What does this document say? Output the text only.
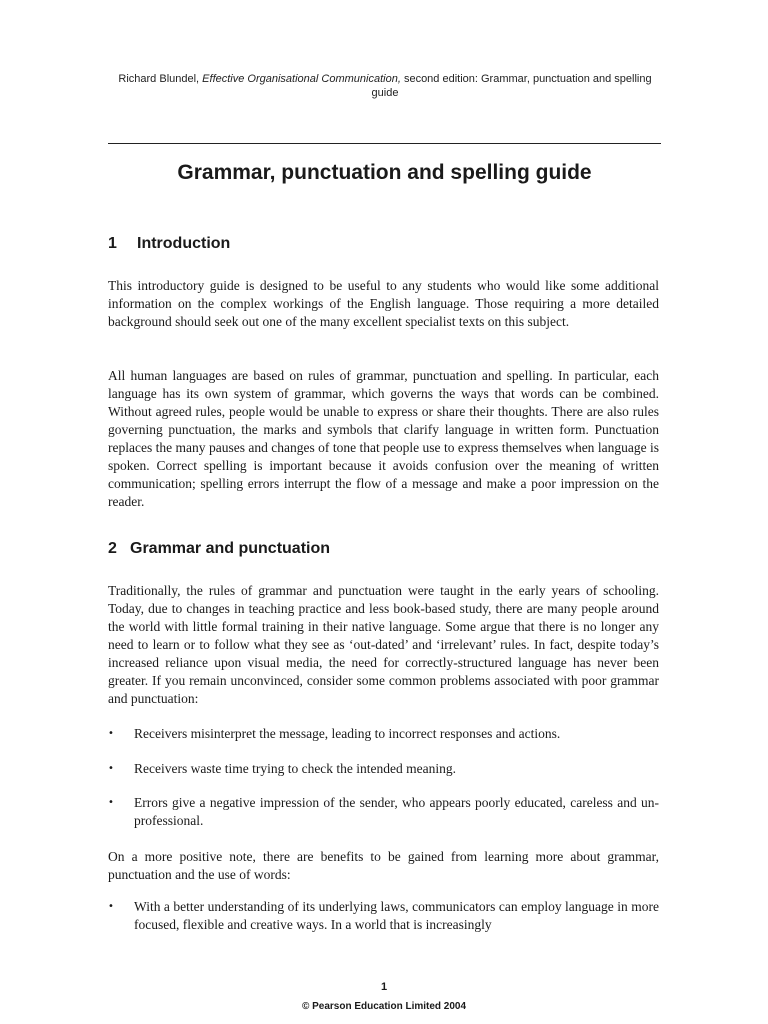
Richard Blundel, Effective Organisational Communication, second edition: Grammar, punctuation and spelling guide
Grammar, punctuation and spelling guide
1 Introduction

This introductory guide is designed to be useful to any students who would like some additional information on the complex workings of the English language. Those requiring a more detailed background should seek out one of the many excellent specialist texts on this subject.

All human languages are based on rules of grammar, punctuation and spelling. In particular, each language has its own system of grammar, which governs the ways that words can be combined. Without agreed rules, people would be unable to express or share their thoughts. There are also rules governing punctuation, the marks and symbols that clarify language in written form. Punctuation replaces the many pauses and changes of tone that people use to express themselves when language is spoken. Correct spelling is important because it avoids confusion over the meaning of written communication; spelling errors interrupt the flow of a message and make a poor impression on the reader.

2 Grammar and punctuation

Traditionally, the rules of grammar and punctuation were taught in the early years of schooling. Today, due to changes in teaching practice and less book-based study, there are many people around the world with little formal training in their native language. Some argue that there is no longer any need to learn or to follow what they see as ‘out-dated’ and ‘irrelevant’ rules. In fact, despite today’s increased reliance upon visual media, the need for correctly-structured language has never been greater. If you remain unconvinced, consider some common problems associated with poor grammar and punctuation:

•	Receivers misinterpret the message, leading to incorrect responses and actions.
•	Receivers waste time trying to check the intended meaning.
•	Errors give a negative impression of the sender, who appears poorly educated, careless and un-professional.

On a more positive note, there are benefits to be gained from learning more about grammar, punctuation and the use of words:

•	With a better understanding of its underlying laws, communicators can employ language in more focused, flexible and creative ways. In a world that is increasingly
1
© Pearson Education Limited 2004
